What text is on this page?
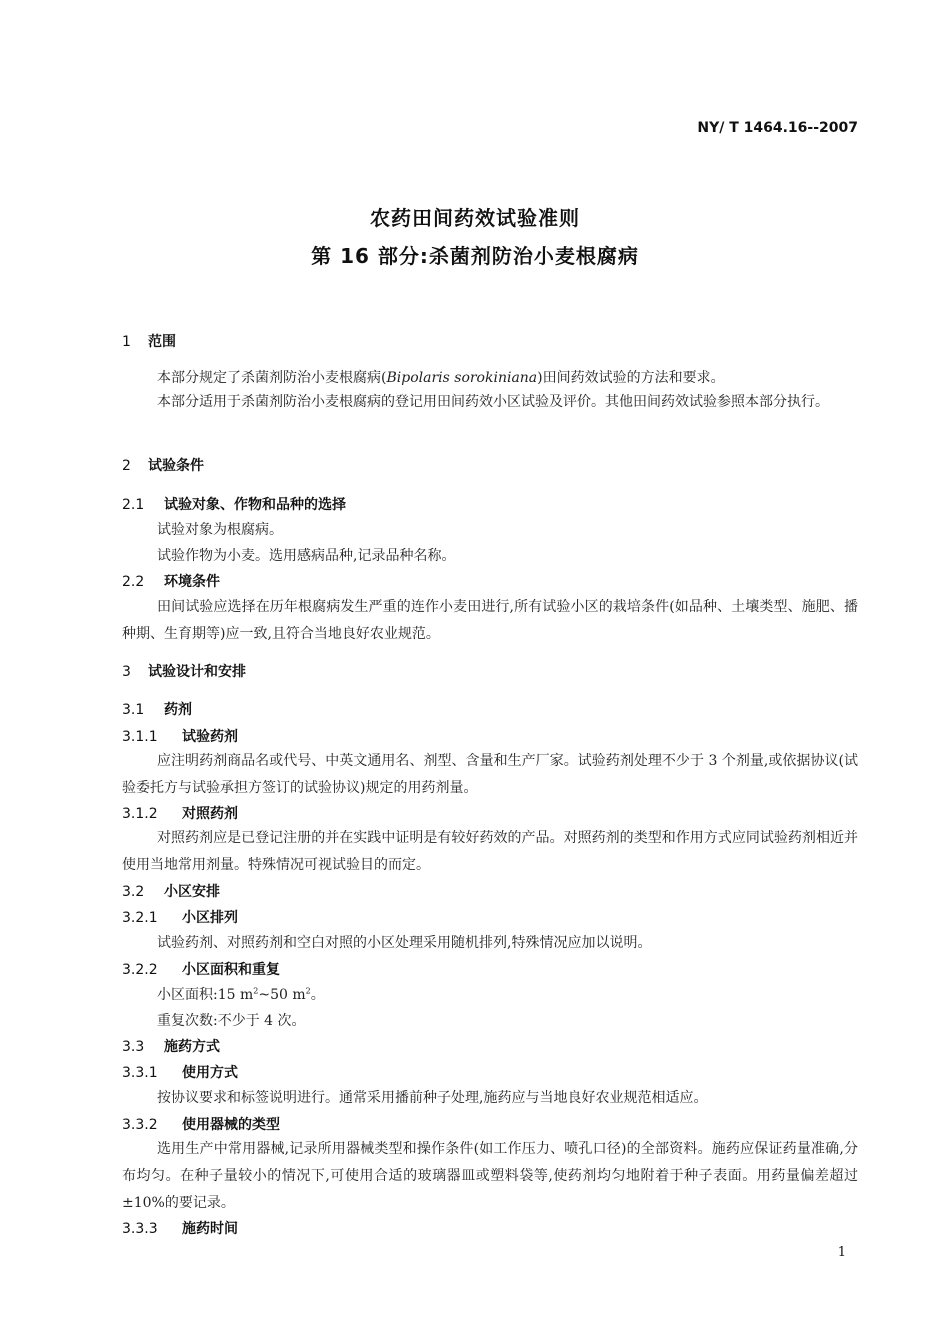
NY/ T 1464.16--2007
农药田间药效试验准则
第 16 部分:杀菌剂防治小麦根腐病
1 范围
本部分规定了杀菌剂防治小麦根腐病(Bipolaris sorokiniana)田间药效试验的方法和要求。
本部分适用于杀菌剂防治小麦根腐病的登记用田间药效小区试验及评价。其他田间药效试验参照本部分执行。
2 试验条件
2.1 试验对象、作物和品种的选择
试验对象为根腐病。
试验作物为小麦。选用感病品种,记录品种名称。
2.2 环境条件
田间试验应选择在历年根腐病发生严重的连作小麦田进行,所有试验小区的栽培条件(如品种、土壤类型、施肥、播种期、生育期等)应一致,且符合当地良好农业规范。
3 试验设计和安排
3.1 药剂
3.1.1 试验药剂
应注明药剂商品名或代号、中英文通用名、剂型、含量和生产厂家。试验药剂处理不少于 3 个剂量,或依据协议(试验委托方与试验承担方签订的试验协议)规定的用药剂量。
3.1.2 对照药剂
对照药剂应是已登记注册的并在实践中证明是有较好药效的产品。对照药剂的类型和作用方式应同试验药剂相近并使用当地常用剂量。特殊情况可视试验目的而定。
3.2 小区安排
3.2.1 小区排列
试验药剂、对照药剂和空白对照的小区处理采用随机排列,特殊情况应加以说明。
3.2.2 小区面积和重复
小区面积:15 $m^2\sim 50$ $m^2$。
重复次数:不少于 4 次。
3.3 施药方式
3.3.1 使用方式
按协议要求和标签说明进行。通常采用播前种子处理,施药应与当地良好农业规范相适应。
3.3.2 使用器械的类型
选用生产中常用器械,记录所用器械类型和操作条件(如工作压力、喷孔口径)的全部资料。施药应保证药量准确,分布均匀。在种子量较小的情况下,可使用合适的玻璃器皿或塑料袋等,使药剂均匀地附着于种子表面。用药量偏差超过±10%的要记录。
3.3.3 施药时间
1
